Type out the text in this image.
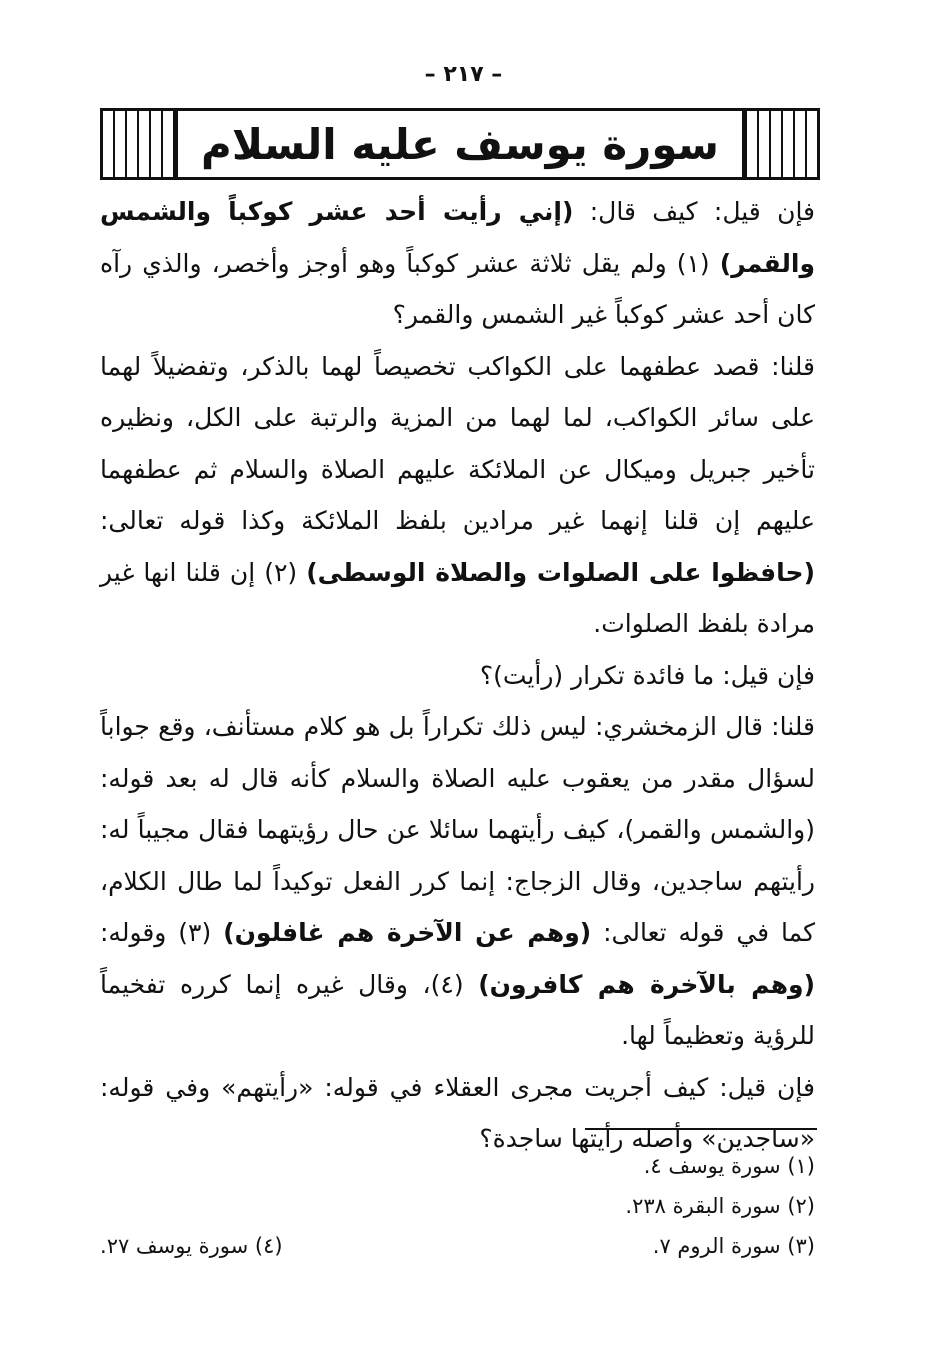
– ٢١٧ –
سورة يوسف عليه السلام

فإن قيل: كيف قال: (إني رأيت أحد عشر كوكباً والشمس والقمر) (١) ولم يقل ثلاثة عشر كوكباً وهو أوجز وأخصر، والذي رآه كان أحد عشر كوكباً غير الشمس والقمر؟

قلنا: قصد عطفهما على الكواكب تخصيصاً لهما بالذكر، وتفضيلاً لهما على سائر الكواكب، لما لهما من المزية والرتبة على الكل، ونظيره تأخير جبريل وميكال عن الملائكة عليهم الصلاة والسلام ثم عطفهما عليهم إن قلنا إنهما غير مرادين بلفظ الملائكة وكذا قوله تعالى: (حافظوا على الصلوات والصلاة الوسطى) (٢) إن قلنا انها غير مرادة بلفظ الصلوات.

فإن قيل: ما فائدة تكرار (رأيت)؟

قلنا: قال الزمخشري: ليس ذلك تكراراً بل هو كلام مستأنف، وقع جواباً لسؤال مقدر من يعقوب عليه الصلاة والسلام كأنه قال له بعد قوله: (والشمس والقمر)، كيف رأيتهما سائلا عن حال رؤيتهما فقال مجيباً له: رأيتهم ساجدين، وقال الزجاج: إنما كرر الفعل توكيداً لما طال الكلام، كما في قوله تعالى: (وهم عن الآخرة هم غافلون) (٣) وقوله: (وهم بالآخرة هم كافرون) (٤)، وقال غيره إنما كرره تفخيماً للرؤية وتعظيماً لها.

فإن قيل: كيف أجريت مجرى العقلاء في قوله: «رأيتهم» وفي قوله: «ساجدين» وأصله رأيتها ساجدة؟

(١) سورة يوسف ٤.
(٢) سورة البقرة ٢٣٨.
(٣) سورة الروم ٧.
(٤) سورة يوسف ٢٧.
